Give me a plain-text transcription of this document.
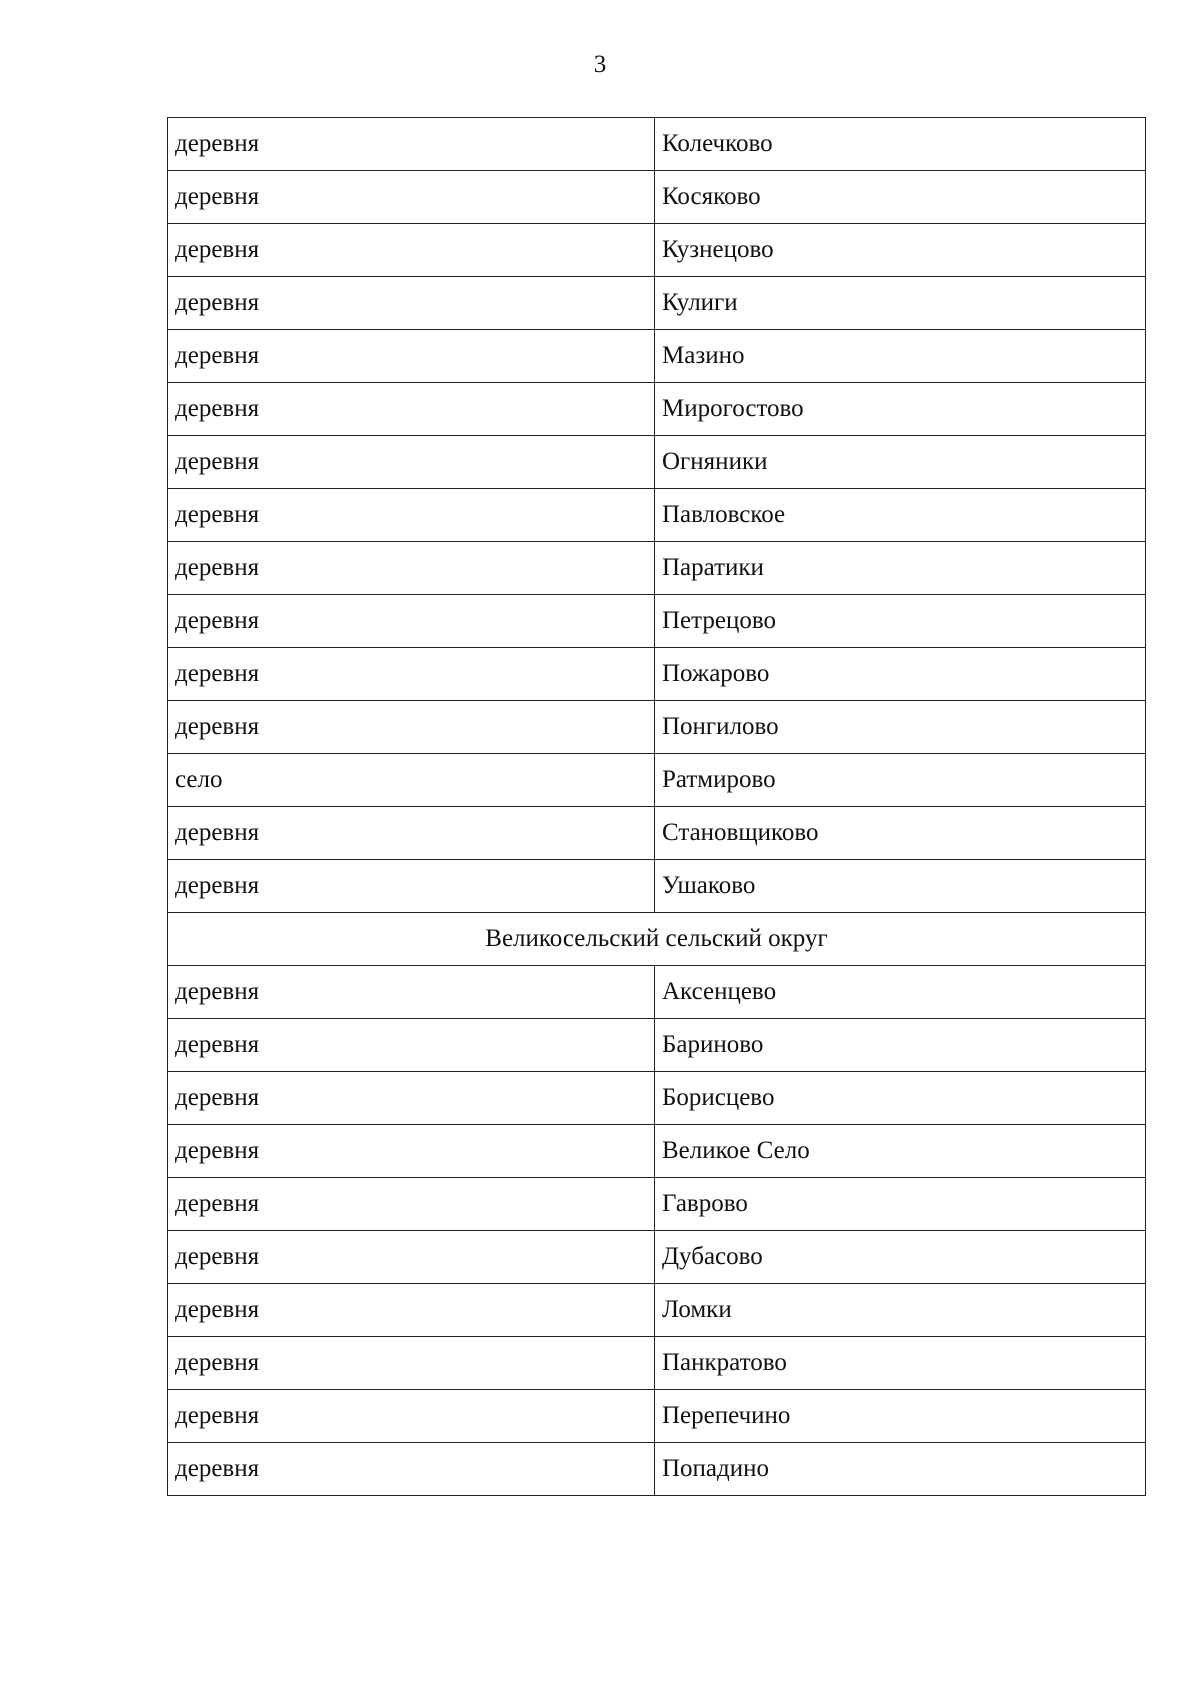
3
деревня	Колечково
деревня	Косяково
деревня	Кузнецово
деревня	Кулиги
деревня	Мазино
деревня	Мирогостово
деревня	Огняники
деревня	Павловское
деревня	Паратики
деревня	Петрецово
деревня	Пожарово
деревня	Понгилово
село	Ратмирово
деревня	Становщиково
деревня	Ушаково
Великосельский сельский округ	
деревня	Аксенцево
деревня	Бариново
деревня	Борисцево
деревня	Великое Село
деревня	Гаврово
деревня	Дубасово
деревня	Ломки
деревня	Панкратово
деревня	Перепечино
деревня	Попадино
